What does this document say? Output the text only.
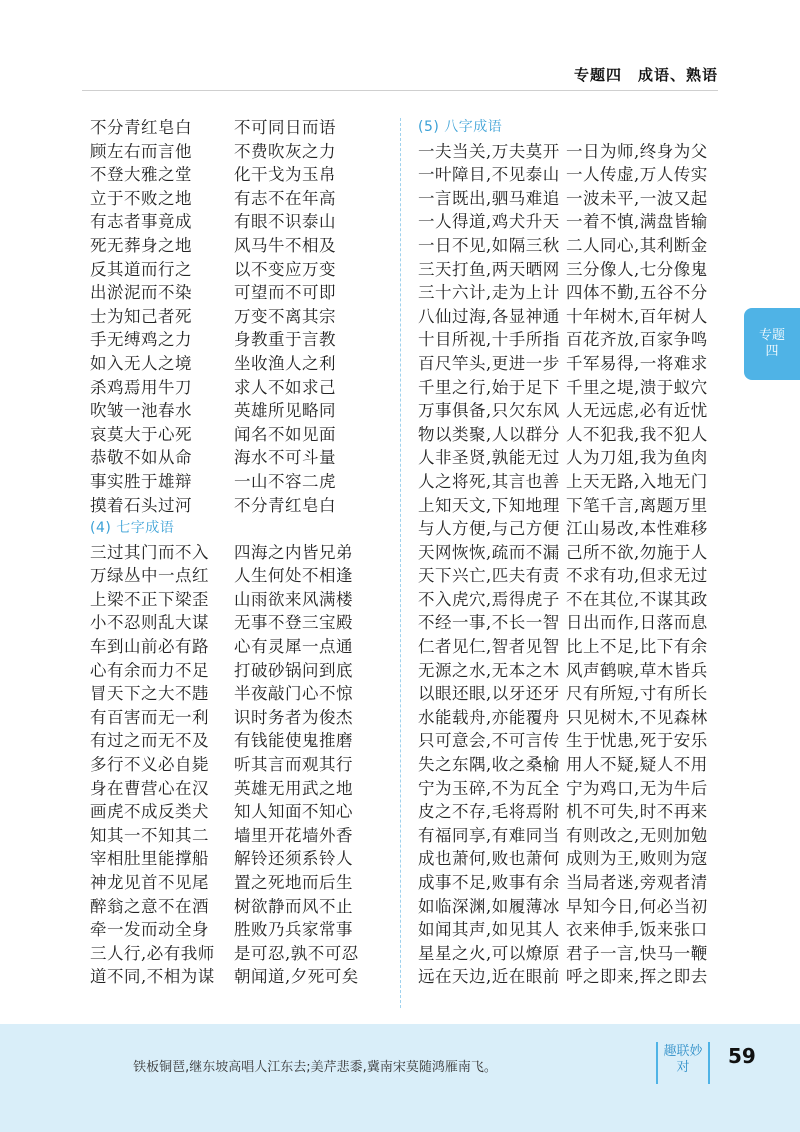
专题四　成语、熟语
不分青红皂白
顾左右而言他
不登大雅之堂
立于不败之地
有志者事竟成
死无葬身之地
反其道而行之
出淤泥而不染
士为知己者死
手无缚鸡之力
如入无人之境
杀鸡焉用牛刀
吹皱一池春水
哀莫大于心死
恭敬不如从命
事实胜于雄辩
摸着石头过河
(4) 七字成语
三过其门而不入
万绿丛中一点红
上梁不正下梁歪
小不忍则乱大谋
车到山前必有路
心有余而力不足
冒天下之大不韪
有百害而无一利
有过之而无不及
多行不义必自毙
身在曹营心在汉
画虎不成反类犬
知其一不知其二
宰相肚里能撑船
神龙见首不见尾
醉翁之意不在酒
牵一发而动全身
三人行,必有我师
道不同,不相为谋
不可同日而语
不费吹灰之力
化干戈为玉帛
有志不在年高
有眼不识泰山
风马牛不相及
以不变应万变
可望而不可即
万变不离其宗
身教重于言教
坐收渔人之利
求人不如求己
英雄所见略同
闻名不如见面
海水不可斗量
一山不容二虎
不分青红皂白
四海之内皆兄弟
人生何处不相逢
山雨欲来风满楼
无事不登三宝殿
心有灵犀一点通
打破砂锅问到底
半夜敲门心不惊
识时务者为俊杰
有钱能使鬼推磨
听其言而观其行
英雄无用武之地
知人知面不知心
墙里开花墙外香
解铃还须系铃人
置之死地而后生
树欲静而风不止
胜败乃兵家常事
是可忍,孰不可忍
朝闻道,夕死可矣
(5) 八字成语
一夫当关,万夫莫开
一叶障目,不见泰山
一言既出,驷马难追
一人得道,鸡犬升天
一日不见,如隔三秋
三天打鱼,两天晒网
三十六计,走为上计
八仙过海,各显神通
十目所视,十手所指
百尺竿头,更进一步
千里之行,始于足下
万事俱备,只欠东风
物以类聚,人以群分
人非圣贤,孰能无过
人之将死,其言也善
上知天文,下知地理
与人方便,与己方便
天网恢恢,疏而不漏
天下兴亡,匹夫有责
不入虎穴,焉得虎子
不经一事,不长一智
仁者见仁,智者见智
无源之水,无本之木
以眼还眼,以牙还牙
水能载舟,亦能覆舟
只可意会,不可言传
失之东隅,收之桑榆
宁为玉碎,不为瓦全
皮之不存,毛将焉附
有福同享,有难同当
成也萧何,败也萧何
成事不足,败事有余
如临深渊,如履薄冰
如闻其声,如见其人
星星之火,可以燎原
远在天边,近在眼前
一日为师,终身为父
一人传虚,万人传实
一波未平,一波又起
一着不慎,满盘皆输
二人同心,其利断金
三分像人,七分像鬼
四体不勤,五谷不分
十年树木,百年树人
百花齐放,百家争鸣
千军易得,一将难求
千里之堤,溃于蚁穴
人无远虑,必有近忧
人不犯我,我不犯人
人为刀俎,我为鱼肉
上天无路,入地无门
下笔千言,离题万里
江山易改,本性难移
己所不欲,勿施于人
不求有功,但求无过
不在其位,不谋其政
日出而作,日落而息
比上不足,比下有余
风声鹤唳,草木皆兵
尺有所短,寸有所长
只见树木,不见森林
生于忧患,死于安乐
用人不疑,疑人不用
宁为鸡口,无为牛后
机不可失,时不再来
有则改之,无则加勉
成则为王,败则为寇
当局者迷,旁观者清
早知今日,何必当初
衣来伸手,饭来张口
君子一言,快马一鞭
呼之即来,挥之即去
专题四
铁板铜琶,继东坡高唱人江东去;美芹悲黍,冀南宋莫随鸿雁南飞。
趣联妙对	59
